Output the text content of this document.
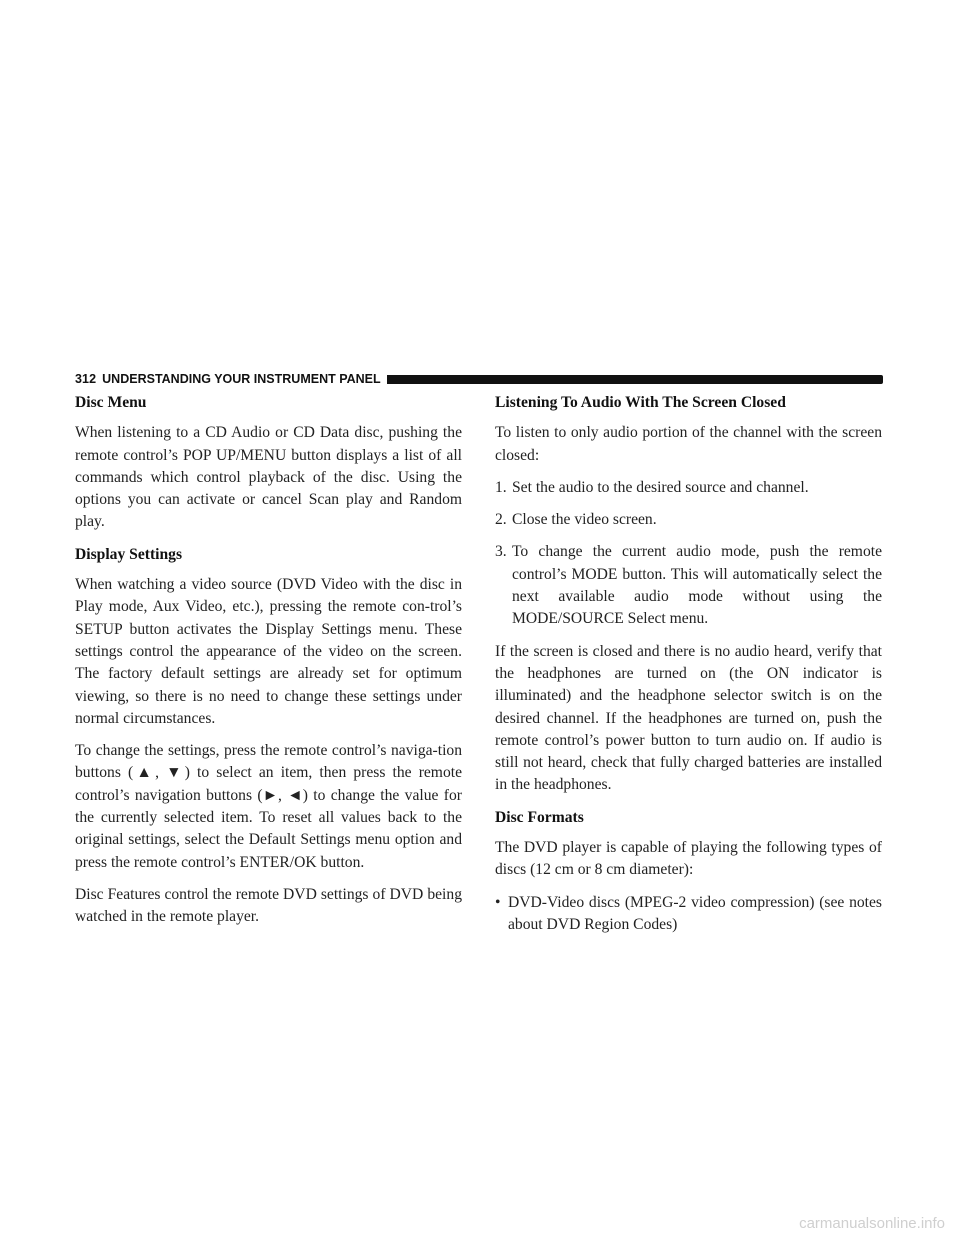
312 UNDERSTANDING YOUR INSTRUMENT PANEL
Disc Menu

When listening to a CD Audio or CD Data disc, pushing the remote control’s POP UP/MENU button displays a list of all commands which control playback of the disc. Using the options you can activate or cancel Scan play and Random play.

Display Settings

When watching a video source (DVD Video with the disc in Play mode, Aux Video, etc.), pressing the remote con-trol’s SETUP button activates the Display Settings menu. These settings control the appearance of the video on the screen. The factory default settings are already set for optimum viewing, so there is no need to change these settings under normal circumstances.

To change the settings, press the remote control’s naviga-tion buttons (▲, ▼) to select an item, then press the remote control’s navigation buttons (►, ◄) to change the value for the currently selected item. To reset all values back to the original settings, select the Default Settings menu option and press the remote control’s ENTER/OK button.

Disc Features control the remote DVD settings of DVD being watched in the remote player.

Listening To Audio With The Screen Closed

To listen to only audio portion of the channel with the screen closed:

1. Set the audio to the desired source and channel.
2. Close the video screen.
3. To change the current audio mode, push the remote control’s MODE button. This will automatically select the next available audio mode without using the MODE/SOURCE Select menu.

If the screen is closed and there is no audio heard, verify that the headphones are turned on (the ON indicator is illuminated) and the headphone selector switch is on the desired channel. If the headphones are turned on, push the remote control’s power button to turn audio on. If audio is still not heard, check that fully charged batteries are installed in the headphones.

Disc Formats

The DVD player is capable of playing the following types of discs (12 cm or 8 cm diameter):

• DVD-Video discs (MPEG-2 video compression) (see notes about DVD Region Codes)
carmanualsonline.info
